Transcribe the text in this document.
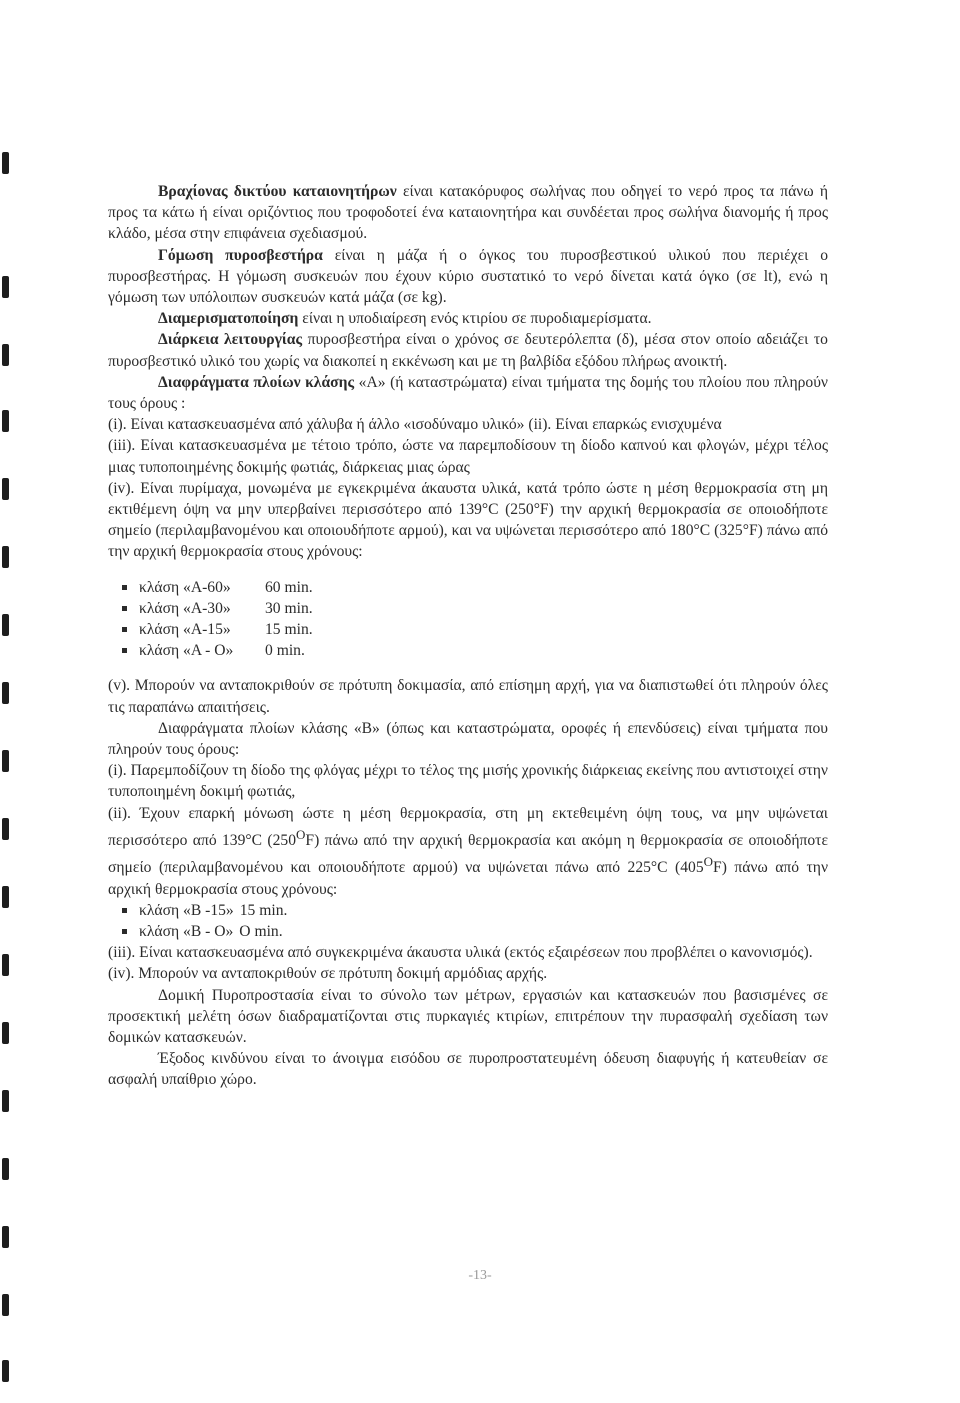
Βραχίονας δικτύου καταιονητήρων είναι κατακόρυφος σωλήνας που οδηγεί το νερό προς τα πάνω ή προς τα κάτω ή είναι οριζόντιος που τροφοδοτεί ένα καταιονητήρα και συνδέεται προς σωλήνα διανομής ή προς κλάδο, μέσα στην επιφάνεια σχεδιασμού.

Γόμωση πυροσβεστήρα είναι η μάζα ή ο όγκος του πυροσβεστικού υλικού που περιέχει ο πυροσβεστήρας. Η γόμωση συσκευών που έχουν κύριο συστατικό το νερό δίνεται κατά όγκο (σε lt), ενώ η γόμωση των υπόλοιπων συσκευών κατά μάζα (σε kg).

Διαμερισματοποίηση είναι η υποδιαίρεση ενός κτιρίου σε πυροδιαμερίσματα.

Διάρκεια λειτουργίας πυροσβεστήρα είναι ο χρόνος σε δευτερόλεπτα (δ), μέσα στον οποίο αδειάζει το πυροσβεστικό υλικό του χωρίς να διακοπεί η εκκένωση και με τη βαλβίδα εξόδου πλήρως ανοικτή.

Διαφράγματα πλοίων κλάσης «Α» (ή καταστρώματα) είναι τμήματα της δομής του πλοίου που πληρούν τους όρους :

(i). Είναι κατασκευασμένα από χάλυβα ή άλλο «ισοδύναμο υλικό» (ii). Είναι επαρκώς ενισχυμένα

(iii). Είναι κατασκευασμένα με τέτοιο τρόπο, ώστε να παρεμποδίσουν τη δίοδο καπνού και φλογών, μέχρι τέλος μιας τυποποιημένης δοκιμής φωτιάς, διάρκειας μιας ώρας

(iv). Είναι πυρίμαχα, μονωμένα με εγκεκριμένα άκαυστα υλικά, κατά τρόπο ώστε η μέση θερμοκρασία στη μη εκτιθέμενη όψη να μην υπερβαίνει περισσότερο από 139°C (250°F) την αρχική θερμοκρασία σε οποιοδήποτε σημείο (περιλαμβανομένου και οποιουδήποτε αρμού), και να υψώνεται περισσότερο από 180°C (325°F) πάνω από την αρχική θερμοκρασία στους χρόνους:

κλάση «Α-60»	60 min.
κλάση «Α-30»	30 min.
κλάση «Α-15»	15 min.
κλάση «Α - Ο»	0 min.

(v). Μπορούν να ανταποκριθούν σε πρότυπη δοκιμασία, από επίσημη αρχή, για να διαπιστωθεί ότι πληρούν όλες τις παραπάνω απαιτήσεις.

Διαφράγματα πλοίων κλάσης «Β» (όπως και καταστρώματα, οροφές ή επενδύσεις) είναι τμήματα που πληρούν τους όρους:

(i). Παρεμποδίζουν τη δίοδο της φλόγας μέχρι το τέλος της μισής χρονικής διάρκειας εκείνης που αντιστοιχεί στην τυποποιημένη δοκιμή φωτιάς,

(ii). Έχουν επαρκή μόνωση ώστε η μέση θερμοκρασία, στη μη εκτεθειμένη όψη τους, να μην υψώνεται περισσότερο από 139°C $(250^OF)$ πάνω από την αρχική θερμοκρασία και ακόμη η θερμοκρασία σε οποιοδήποτε σημείο (περιλαμβανομένου και οποιουδήποτε αρμού) να υψώνεται πάνω από 225°C $(405^OF)$ πάνω από την αρχική θερμοκρασία στους χρόνους:

κλάση «Β -15» 15 min.
κλάση «Β - Ο» Ο min.

(iii). Είναι κατασκευασμένα από συγκεκριμένα άκαυστα υλικά (εκτός εξαιρέσεων που προβλέπει ο κανονισμός).

(iv). Μπορούν να ανταποκριθούν σε πρότυπη δοκιμή αρμόδιας αρχής.

Δομική Πυροπροστασία είναι το σύνολο των μέτρων, εργασιών και κατασκευών που βασισμένες σε προσεκτική μελέτη όσων διαδραματίζονται στις πυρκαγιές κτιρίων, επιτρέπουν την πυρασφαλή σχεδίαση των δομικών κατασκευών.

Έξοδος κινδύνου είναι το άνοιγμα εισόδου σε πυροπροστατευμένη όδευση διαφυγής ή κατευθείαν σε ασφαλή υπαίθριο χώρο.

-13-
